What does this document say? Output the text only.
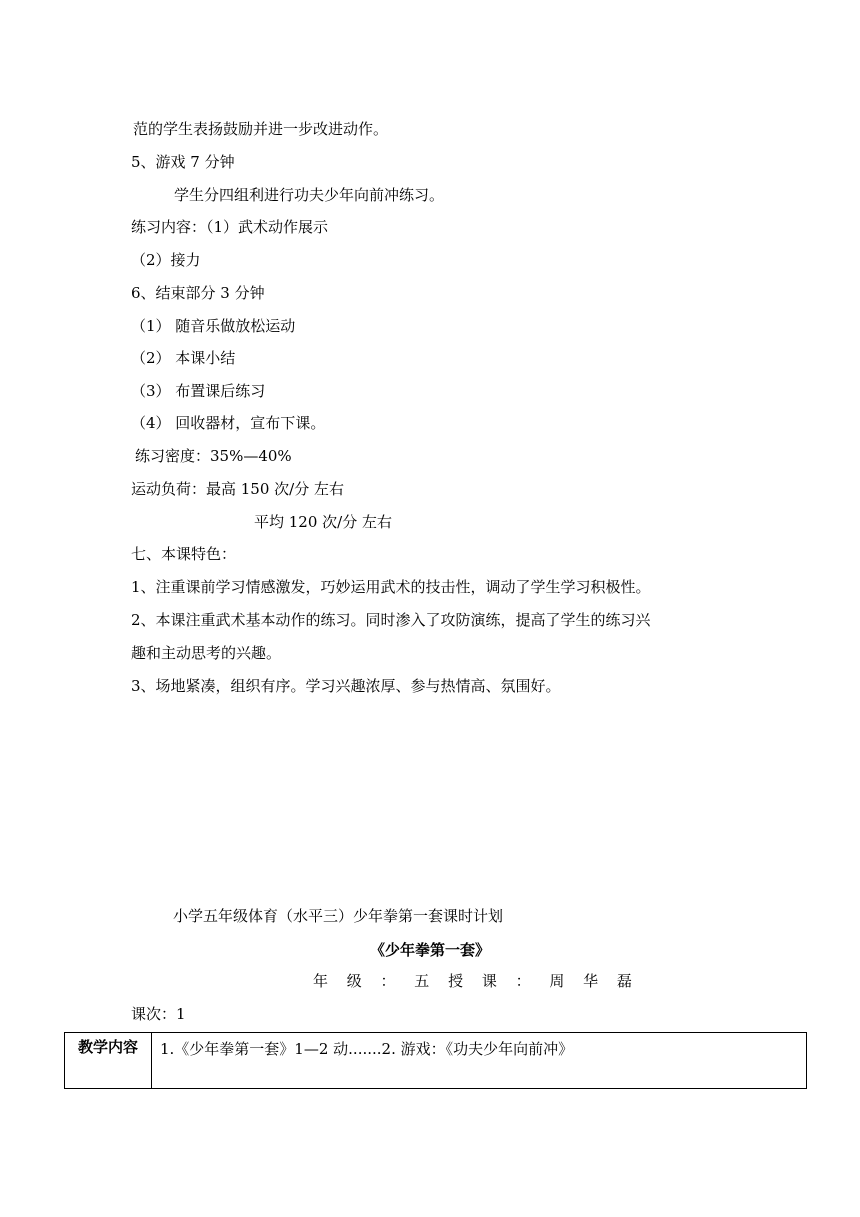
范的学生表扬鼓励并进一步改进动作。
5、游戏 7 分钟
学生分四组利进行功夫少年向前冲练习。
练习内容：（1）武术动作展示
（2）接力
6、结束部分 3 分钟
（1） 随音乐做放松运动
（2） 本课小结
（3） 布置课后练习
（4） 回收器材，宣布下课。
练习密度：35%—40%
运动负荷：最高 150 次/分 左右
平均 120 次/分 左右
七、本课特色：
1、注重课前学习情感激发，巧妙运用武术的技击性，调动了学生学习积极性。
2、本课注重武术基本动作的练习。同时渗入了攻防演练，提高了学生的练习兴
趣和主动思考的兴趣。
3、场地紧凑，组织有序。学习兴趣浓厚、参与热情高、氛围好。
小学五年级体育（水平三）少年拳第一套课时计划
《少年拳第一套》
年 级 ： 五 授 课 ： 周 华 磊
课次：1
教学内容	1.《少年拳第一套》1—2 动.......2. 游戏：《功夫少年向前冲》
